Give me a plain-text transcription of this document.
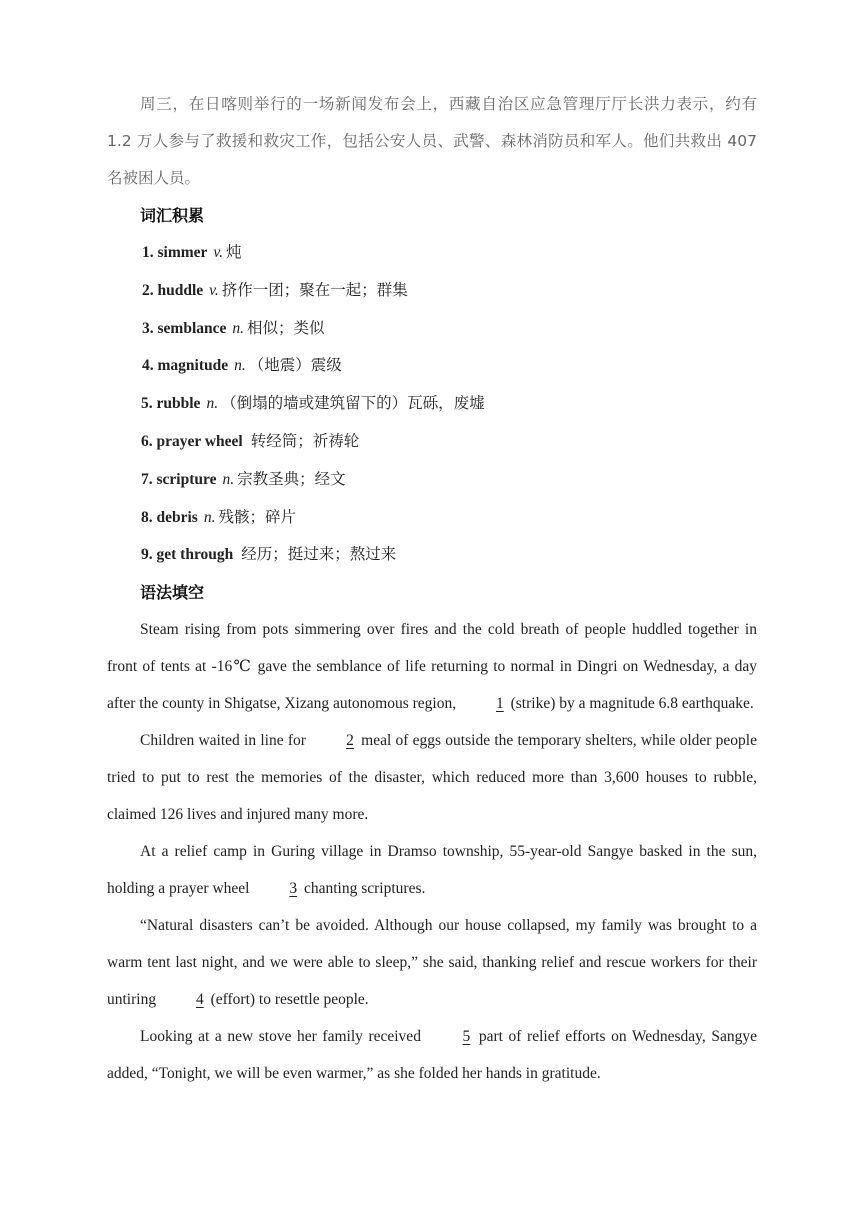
周三，在日喀则举行的一场新闻发布会上，西藏自治区应急管理厅厅长洪力表示，约有 1.2 万人参与了救援和救灾工作，包括公安人员、武警、森林消防员和军人。他们共救出 407 名被困人员。

词汇积累
1. simmer v. 炖
2. huddle v. 挤作一团；聚在一起；群集
3. semblance n. 相似；类似
4. magnitude n. （地震）震级
5. rubble n. （倒塌的墙或建筑留下的）瓦砾，废墟
6. prayer wheel 转经筒；祈祷轮
7. scripture n. 宗教圣典；经文
8. debris n. 残骸；碎片
9. get through 经历；挺过来；熬过来
语法填空

Steam rising from pots simmering over fires and the cold breath of people huddled together in front of tents at -16℃ gave the semblance of life returning to normal in Dingri on Wednesday, a day after the county in Shigatse, Xizang autonomous region, 1 (strike) by a magnitude 6.8 earthquake.

Children waited in line for 2 meal of eggs outside the temporary shelters, while older people tried to put to rest the memories of the disaster, which reduced more than 3,600 houses to rubble, claimed 126 lives and injured many more.

At a relief camp in Guring village in Dramso township, 55-year-old Sangye basked in the sun, holding a prayer wheel 3 chanting scriptures.

“Natural disasters can’t be avoided. Although our house collapsed, my family was brought to a warm tent last night, and we were able to sleep,” she said, thanking relief and rescue workers for their untiring 4 (effort) to resettle people.

Looking at a new stove her family received 5 part of relief efforts on Wednesday, Sangye added, “Tonight, we will be even warmer,” as she folded her hands in gratitude.
